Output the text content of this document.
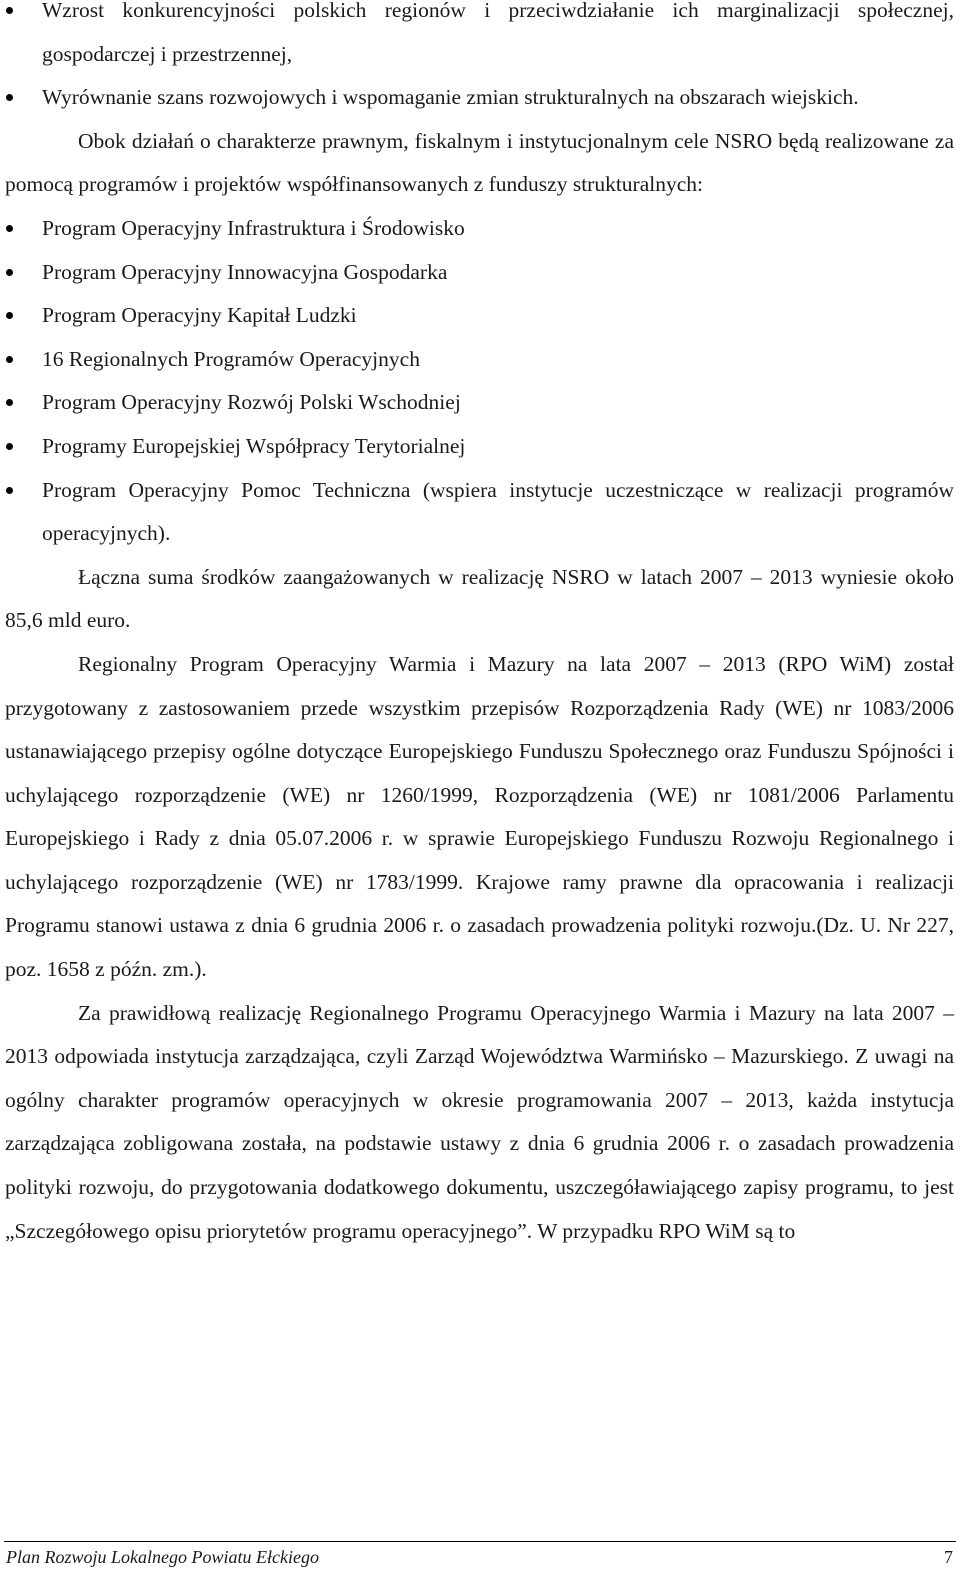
Wzrost konkurencyjności polskich regionów i przeciwdziałanie ich marginalizacji społecznej, gospodarczej i przestrzennej,

Wyrównanie szans rozwojowych i wspomaganie zmian strukturalnych na obszarach wiejskich.

Obok działań o charakterze prawnym, fiskalnym i instytucjonalnym cele NSRO będą realizowane za pomocą programów i projektów współfinansowanych z funduszy strukturalnych:

Program Operacyjny Infrastruktura i Środowisko

Program Operacyjny Innowacyjna Gospodarka

Program Operacyjny Kapitał Ludzki

16 Regionalnych Programów Operacyjnych

Program Operacyjny Rozwój Polski Wschodniej

Programy Europejskiej Współpracy Terytorialnej

Program Operacyjny Pomoc Techniczna (wspiera instytucje uczestniczące w realizacji programów operacyjnych).

Łączna suma środków zaangażowanych w realizację NSRO w latach 2007 – 2013 wyniesie około 85,6 mld euro.

Regionalny Program Operacyjny Warmia i Mazury na lata 2007 – 2013 (RPO WiM) został przygotowany z zastosowaniem przede wszystkim przepisów Rozporządzenia Rady (WE) nr 1083/2006 ustanawiającego przepisy ogólne dotyczące Europejskiego Funduszu Społecznego oraz Funduszu Spójności i uchylającego rozporządzenie (WE) nr 1260/1999, Rozporządzenia (WE) nr 1081/2006 Parlamentu Europejskiego i Rady z dnia 05.07.2006 r. w sprawie Europejskiego Funduszu Rozwoju Regionalnego i uchylającego rozporządzenie (WE) nr 1783/1999. Krajowe ramy prawne dla opracowania i realizacji Programu stanowi ustawa z dnia 6 grudnia 2006 r. o zasadach prowadzenia polityki rozwoju.(Dz. U. Nr 227, poz. 1658 z późn. zm.).

Za prawidłową realizację Regionalnego Programu Operacyjnego Warmia i Mazury na lata 2007 – 2013 odpowiada instytucja zarządzająca, czyli Zarząd Województwa Warmińsko – Mazurskiego. Z uwagi na ogólny charakter programów operacyjnych w okresie programowania 2007 – 2013, każda instytucja zarządzająca zobligowana została, na podstawie ustawy z dnia 6 grudnia 2006 r. o zasadach prowadzenia polityki rozwoju, do przygotowania dodatkowego dokumentu, uszczegóławiającego zapisy programu, to jest „Szczegółowego opisu priorytetów programu operacyjnego”. W przypadku RPO WiM są to

Plan Rozwoju Lokalnego Powiatu Ełckiego	7
